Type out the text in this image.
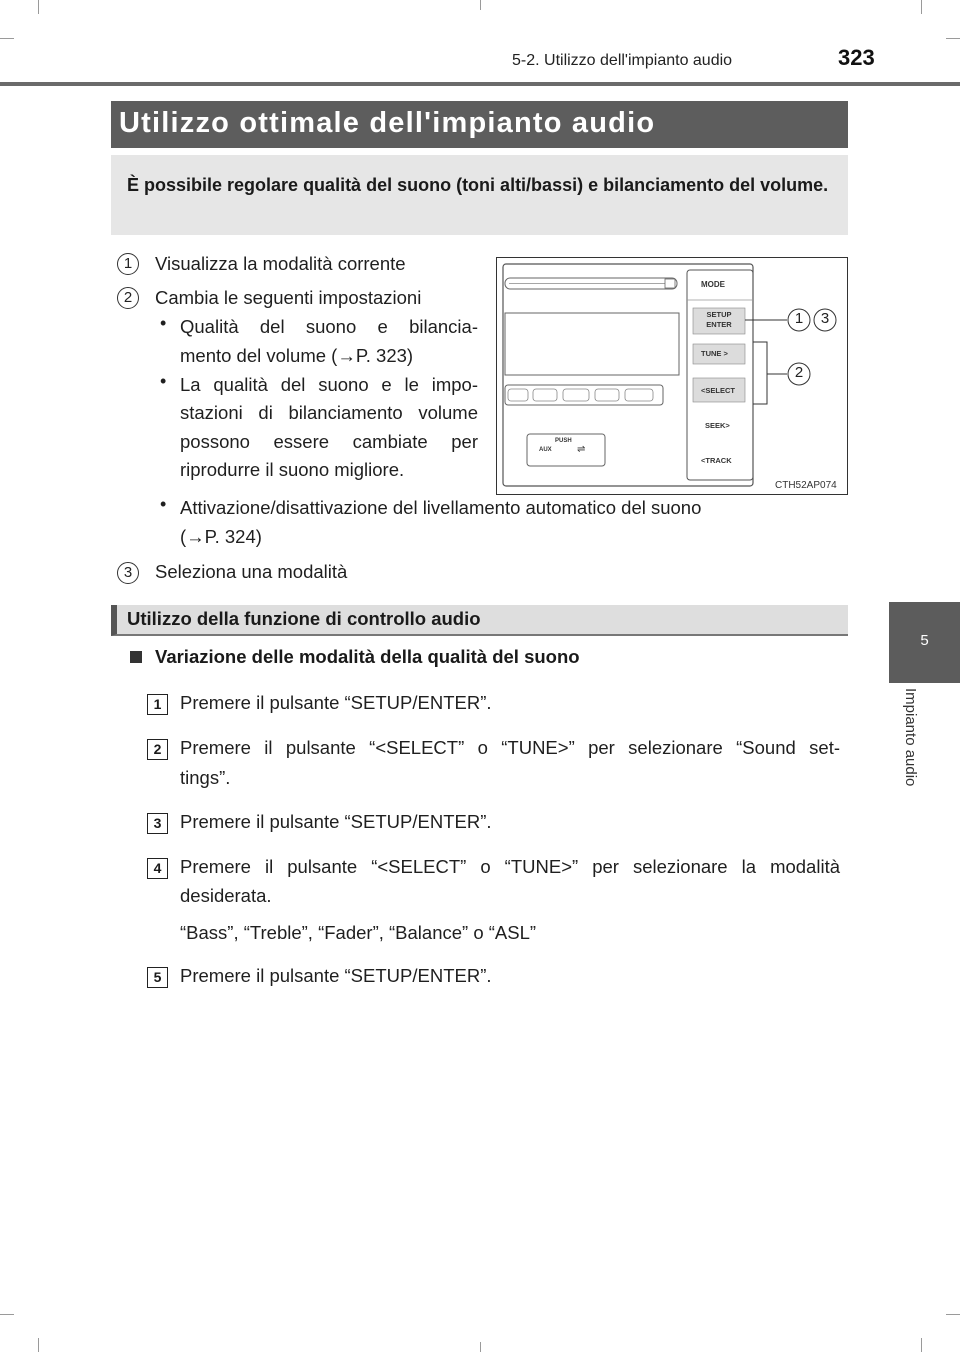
5-2. Utilizzo dell'impianto audio	323
5
Impianto audio
Utilizzo ottimale dell'impianto audio

È possibile regolare qualità del suono (toni alti/bassi) e bilanciamento del volume.

1	Visualizza la modalità corrente
2	Cambia le seguenti impostazioni
• Qualità del suono e bilancia-
mento del volume (→P. 323)
• La qualità del suono e le impo-
stazioni di bilanciamento volume
possono essere cambiate per
riprodurre il suono migliore.
• Attivazione/disattivazione del livellamento automatico del suono
(→P. 324)
3	Seleziona una modalità
MODE
SETUP
ENTER
TUNE >
<SELECT
SEEK>
<TRACK
PUSH
AUX	⇌
CTH52AP074
1	3
2
Utilizzo della funzione di controllo audio
Variazione delle modalità della qualità del suono
1	Premere il pulsante “SETUP/ENTER”.
2	Premere il pulsante “<SELECT” o “TUNE>” per selezionare “Sound set-
tings”.
3	Premere il pulsante “SETUP/ENTER”.
4	Premere il pulsante “<SELECT” o “TUNE>” per selezionare la modalità
desiderata.
“Bass”, “Treble”, “Fader”, “Balance” o “ASL”
5	Premere il pulsante “SETUP/ENTER”.
